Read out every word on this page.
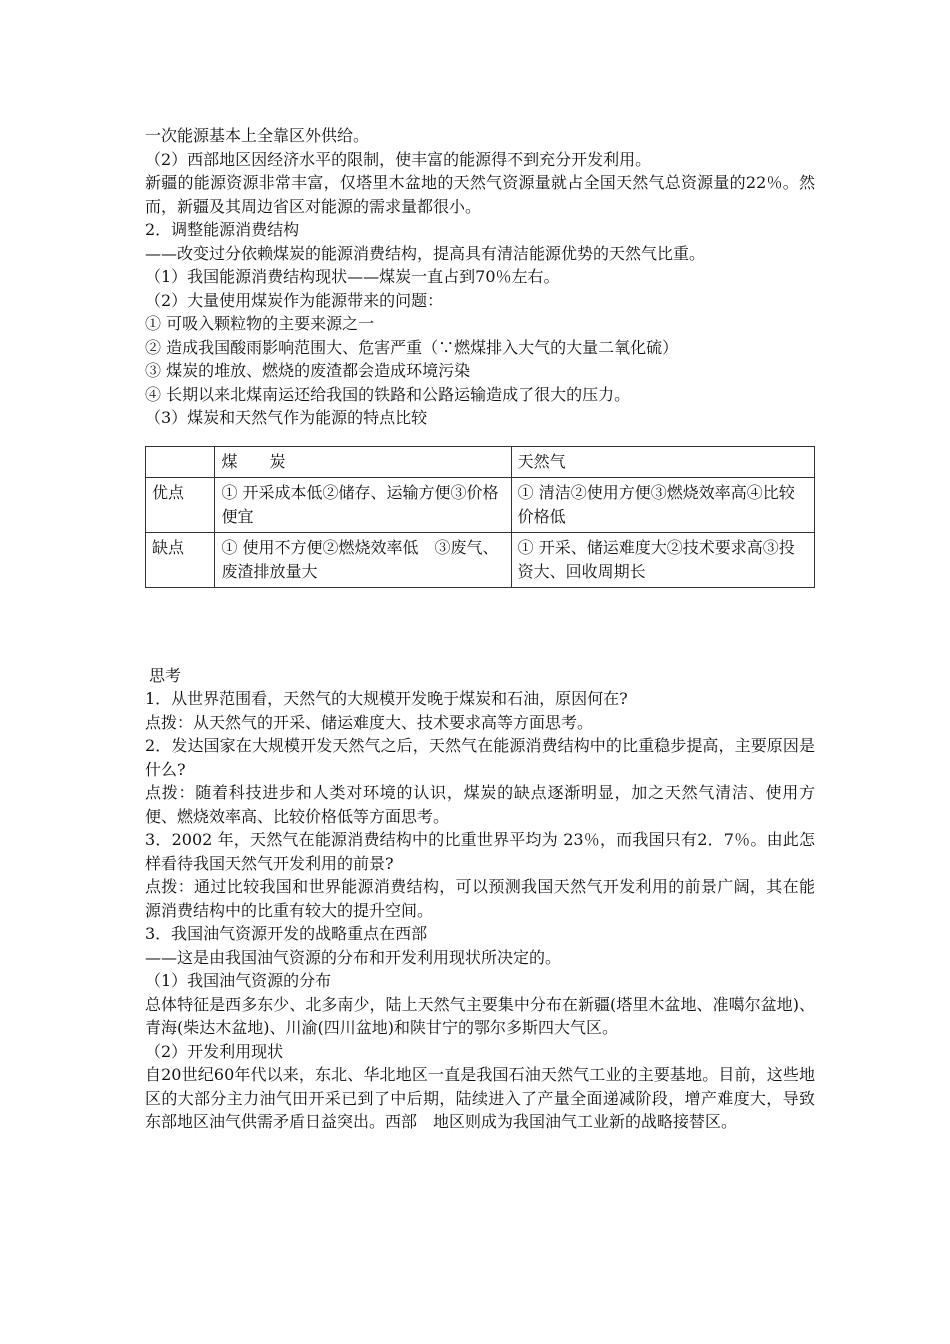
一次能源基本上全靠区外供给。
（2）西部地区因经济水平的限制，使丰富的能源得不到充分开发利用。
新疆的能源资源非常丰富，仅塔里木盆地的天然气资源量就占全国天然气总资源量的22％。然而，新疆及其周边省区对能源的需求量都很小。
2．调整能源消费结构
——改变过分依赖煤炭的能源消费结构，提高具有清洁能源优势的天然气比重。
（1）我国能源消费结构现状——煤炭一直占到70％左右。
（2）大量使用煤炭作为能源带来的问题：
① 可吸入颗粒物的主要来源之一
② 造成我国酸雨影响范围大、危害严重（∵燃煤排入大气的大量二氧化硫）
③ 煤炭的堆放、燃烧的废渣都会造成环境污染
④ 长期以来北煤南运还给我国的铁路和公路运输造成了很大的压力。
（3）煤炭和天然气作为能源的特点比较
	煤　　炭	天然气
优点	① 开采成本低②储存、运输方便③价格便宜	① 清洁②使用方便③燃烧效率高④比较价格低
缺点	① 使用不方便②燃烧效率低　③废气、废渣排放量大	① 开采、储运难度大②技术要求高③投资大、回收周期长
思考
1．从世界范围看，天然气的大规模开发晚于煤炭和石油，原因何在?
点拨：从天然气的开采、储运难度大、技术要求高等方面思考。
2．发达国家在大规模开发天然气之后，天然气在能源消费结构中的比重稳步提高，主要原因是什么?
点拨：随着科技进步和人类对环境的认识，煤炭的缺点逐渐明显，加之天然气清洁、使用方便、燃烧效率高、比较价格低等方面思考。
3．2002 年，天然气在能源消费结构中的比重世界平均为 23％，而我国只有2．7％。由此怎样看待我国天然气开发利用的前景?
点拨：通过比较我国和世界能源消费结构，可以预测我国天然气开发利用的前景广阔，其在能源消费结构中的比重有较大的提升空间。
3．我国油气资源开发的战略重点在西部
——这是由我国油气资源的分布和开发利用现状所决定的。
（1）我国油气资源的分布
总体特征是西多东少、北多南少，陆上天然气主要集中分布在新疆(塔里木盆地、准噶尔盆地)、青海(柴达木盆地)、川渝(四川盆地)和陕甘宁的鄂尔多斯四大气区。
（2）开发利用现状
自20世纪60年代以来，东北、华北地区一直是我国石油天然气工业的主要基地。目前，这些地区的大部分主力油气田开采已到了中后期，陆续进入了产量全面递减阶段，增产难度大，导致东部地区油气供需矛盾日益突出。西部　地区则成为我国油气工业新的战略接替区。
